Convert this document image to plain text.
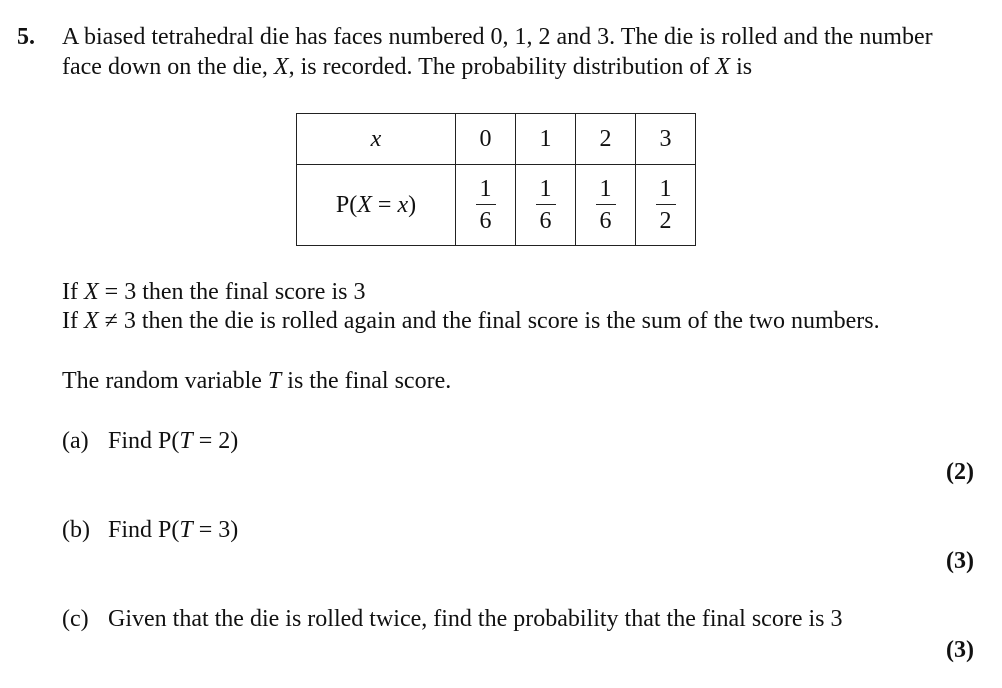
5. A biased tetrahedral die has faces numbered 0, 1, 2 and 3. The die is rolled and the number
face down on the die, X, is recorded. The probability distribution of X is
x	0	1	2	3
P(X = x)	$\frac{1}{6}$	$\frac{1}{6}$	$\frac{1}{6}$	$\frac{1}{2}$
If X = 3 then the final score is 3
If X ≠ 3 then the die is rolled again and the final score is the sum of the two numbers.
The random variable T is the final score.
(a) Find P(T = 2)
(2)
(b) Find P(T = 3)
(3)
(c) Given that the die is rolled twice, find the probability that the final score is 3
(3)
